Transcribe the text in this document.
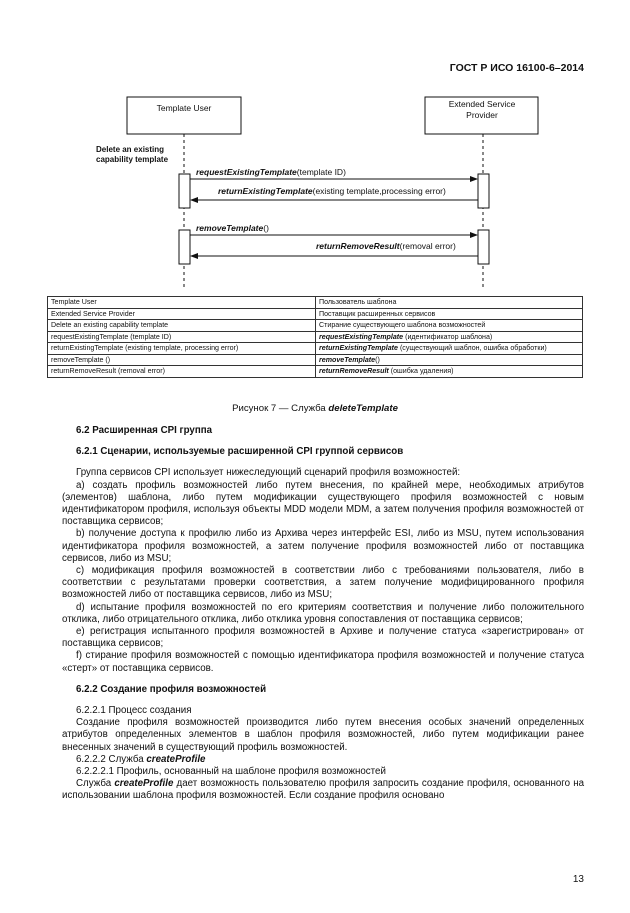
ГОСТ Р ИСО 16100-6–2014
Template User	Extended Service
Provider
Delete an existing
capability template
requestExistingTemplate(template ID)
returnExistingTemplate(existing template,processing error)
removeTemplate()
returnRemoveResult(removal error)
Template User	Пользователь шаблона
Extended Service Provider	Поставщик расширенных сервисов
Delete an existing capability template	Стирание существующего шаблона возможностей
requestExistingTemplate (template ID)	requestExistingTemplate (идентификатор шаблона)
returnExistingTemplate (existing template, processing error)	returnExistingTemplate (существующий шаблон, ошибка обработки)
removeTemplate ()	removeTemplate()
returnRemoveResult (removal error)	returnRemoveResult (ошибка удаления)
Рисунок 7 — Служба deleteTemplate

6.2 Расширенная CPI группа

6.2.1 Сценарии, используемые расширенной CPI группой сервисов

Группа сервисов CPI использует нижеследующий сценарий профиля возможностей:

а) создать профиль возможностей либо путем внесения, по крайней мере, необходимых атрибутов (элементов) шаблона, либо путем модификации существующего профиля возможностей с новым идентификатором профиля, используя объекты MDD модели MDM, а затем получения профиля возможностей от поставщика сервисов;

b) получение доступа к профилю либо из Архива через интерфейс ESI, либо из MSU, путем использования идентификатора профиля возможностей, а затем получение профиля возможностей либо от поставщика сервисов, либо из MSU;

c) модификация профиля возможностей в соответствии либо с требованиями пользователя, либо в соответствии с результатами проверки соответствия, а затем получение модифицированного профиля возможностей либо от поставщика сервисов, либо из MSU;

d) испытание профиля возможностей по его критериям соответствия и получение либо положительного отклика, либо отрицательного отклика, либо отклика уровня сопоставления от поставщика сервисов;

e) регистрация испытанного профиля возможностей в Архиве и получение статуса «зарегистрирован» от поставщика сервисов;

f) стирание профиля возможностей с помощью идентификатора профиля возможностей и получение статуса «стерт» от поставщика сервисов.

6.2.2 Создание профиля возможностей

6.2.2.1 Процесс создания

Создание профиля возможностей производится либо путем внесения особых значений определенных атрибутов определенных элементов в шаблон профиля возможностей, либо путем модификации ранее внесенных значений в существующий профиль возможностей.

6.2.2.2 Служба createProfile

6.2.2.2.1 Профиль, основанный на шаблоне профиля возможностей

Служба createProfile дает возможность пользователю профиля запросить создание профиля, основанного на использовании шаблона профиля возможностей. Если создание профиля основано

13
